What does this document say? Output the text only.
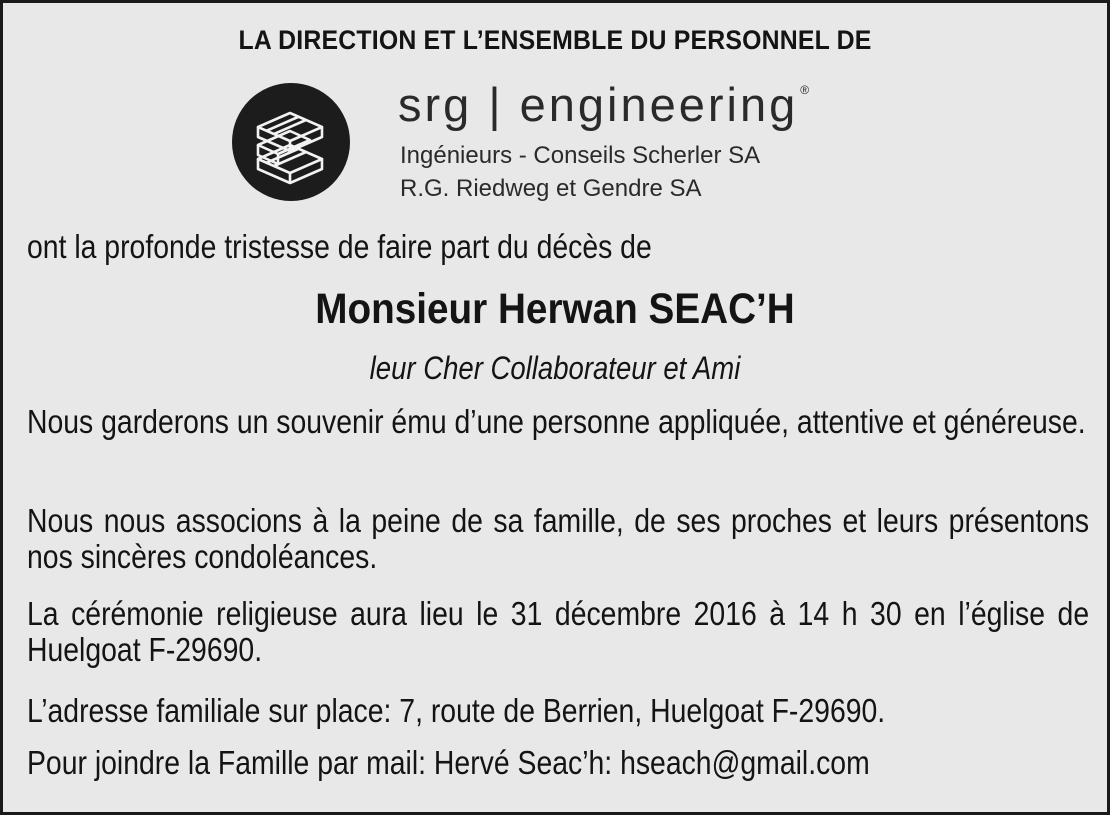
LA DIRECTION ET L’ENSEMBLE DU PERSONNEL DE
srg | engineering ®
Ingénieurs - Conseils Scherler SA
R.G. Riedweg et Gendre SA
ont la profonde tristesse de faire part du décès de
Monsieur Herwan SEAC’H
leur Cher Collaborateur et Ami
Nous garderons un souvenir ému d’une personne appliquée, attentive et généreuse.
Nous nous associons à la peine de sa famille, de ses proches et leurs présentons nos sincères condoléances.
La cérémonie religieuse aura lieu le 31 décembre 2016 à 14 h 30 en l’église de Huelgoat F-29690.
L’adresse familiale sur place: 7, route de Berrien, Huelgoat F-29690.
Pour joindre la Famille par mail: Hervé Seac’h: hseach@gmail.com
